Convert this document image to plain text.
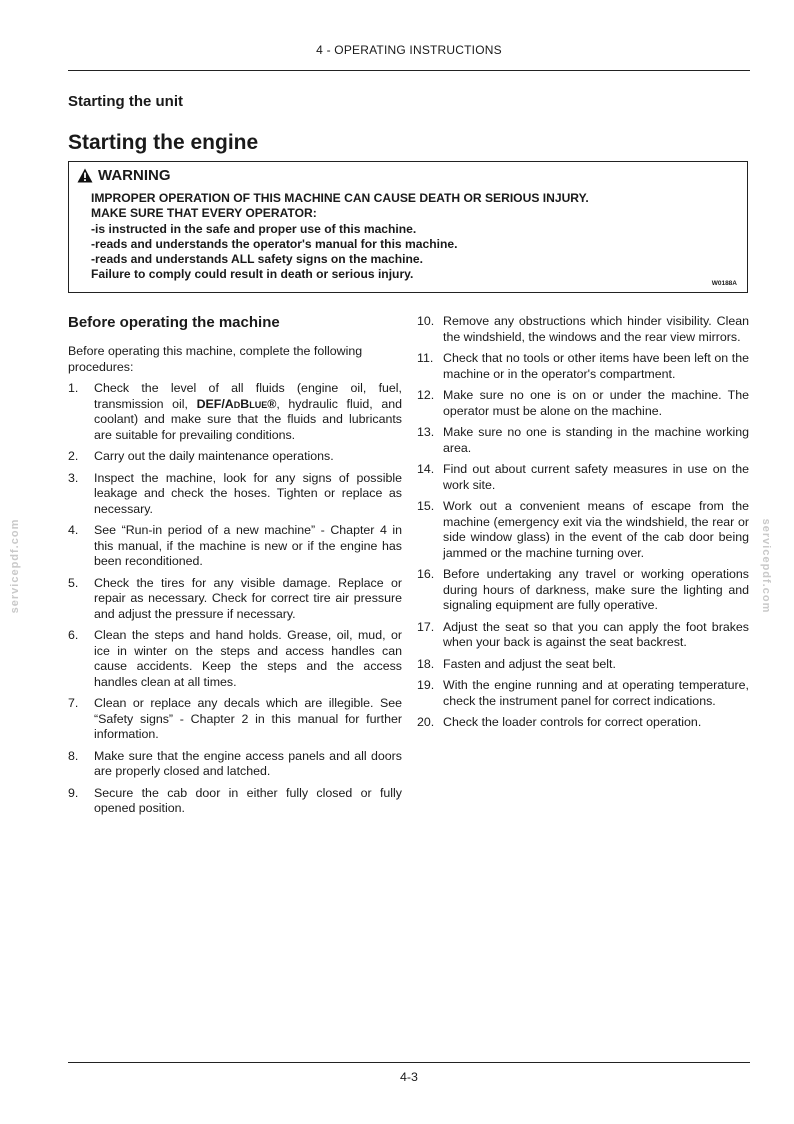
4 - OPERATING INSTRUCTIONS
Starting the unit
Starting the engine
WARNING
IMPROPER OPERATION OF THIS MACHINE CAN CAUSE DEATH OR SERIOUS INJURY.
MAKE SURE THAT EVERY OPERATOR:
-is instructed in the safe and proper use of this machine.
-reads and understands the operator's manual for this machine.
-reads and understands ALL safety signs on the machine.
Failure to comply could result in death or serious injury.
W0188A
Before operating the machine
Before operating this machine, complete the following procedures:
1.	Check the level of all fluids (engine oil, fuel, transmission oil, DEF/AdBlue®, hydraulic fluid, and coolant) and make sure that the fluids and lubricants are suitable for prevailing conditions.
2.	Carry out the daily maintenance operations.
3.	Inspect the machine, look for any signs of possible leakage and check the hoses. Tighten or replace as necessary.
4.	See “Run-in period of a new machine” - Chapter 4 in this manual, if the machine is new or if the engine has been reconditioned.
5.	Check the tires for any visible damage. Replace or repair as necessary. Check for correct tire air pressure and adjust the pressure if necessary.
6.	Clean the steps and hand holds. Grease, oil, mud, or ice in winter on the steps and access handles can cause accidents. Keep the steps and the access handles clean at all times.
7.	Clean or replace any decals which are illegible. See “Safety signs” - Chapter 2 in this manual for further information.
8.	Make sure that the engine access panels and all doors are properly closed and latched.
9.	Secure the cab door in either fully closed or fully opened position.
10. Remove any obstructions which hinder visibility. Clean the windshield, the windows and the rear view mirrors.
11. Check that no tools or other items have been left on the machine or in the operator's compartment.
12. Make sure no one is on or under the machine. The operator must be alone on the machine.
13. Make sure no one is standing in the machine working area.
14. Find out about current safety measures in use on the work site.
15. Work out a convenient means of escape from the machine (emergency exit via the windshield, the rear or side window glass) in the event of the cab door being jammed or the machine turning over.
16. Before undertaking any travel or working operations during hours of darkness, make sure the lighting and signaling equipment are fully operative.
17. Adjust the seat so that you can apply the foot brakes when your back is against the seat backrest.
18. Fasten and adjust the seat belt.
19. With the engine running and at operating temperature, check the instrument panel for correct indications.
20. Check the loader controls for correct operation.
servicepdf.com	servicepdf.com
4-3
